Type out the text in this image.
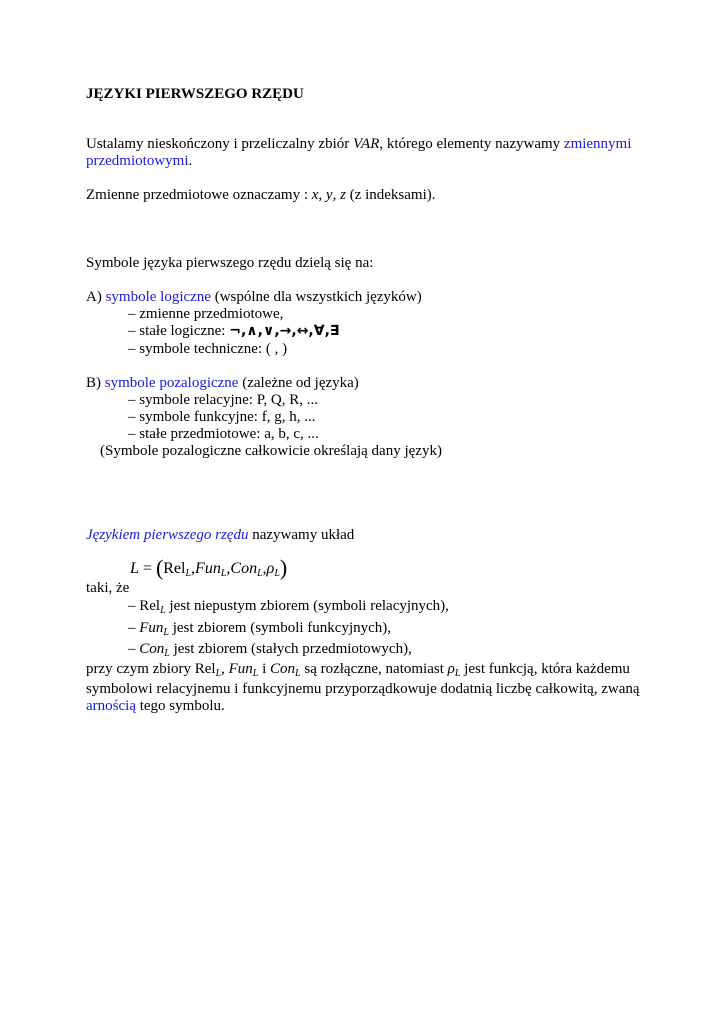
JĘZYKI PIERWSZEGO RZĘDU
Ustalamy nieskończony i przeliczalny zbiór VAR, którego elementy nazywamy zmiennymi
przedmiotowymi.
Zmienne przedmiotowe oznaczamy : x, y, z (z indeksami).
Symbole języka pierwszego rzędu dzielą się na:
A) symbole logiczne (wspólne dla wszystkich języków)
– zmienne przedmiotowe,
– stałe logiczne: ¬,∧,∨,→,↔,∀,∃
– symbole techniczne: ( , )
B) symbole pozalogiczne (zależne od języka)
– symbole relacyjne: P, Q, R, ...
– symbole funkcyjne: f, g, h, ...
– stałe przedmiotowe: a, b, c, ...
(Symbole pozalogiczne całkowicie określają dany język)
Językiem pierwszego rzędu nazywamy układ
$L = (Rel_L,Fun_L,Con_L,\rho_L)$
taki, że
– Rel$_L$ jest niepustym zbiorem (symboli relacyjnych),
– Fun$_L$ jest zbiorem (symboli funkcyjnych),
– Con$_L$ jest zbiorem (stałych przedmiotowych),
przy czym zbiory Rel$_L$, Fun$_L$ i Con$_L$ są rozłączne, natomiast $\rho_L$ jest funkcją, która każdemu
symbolowi relacyjnemu i funkcyjnemu przyporządkowuje dodatnią liczbę całkowitą, zwaną
arnością tego symbolu.
